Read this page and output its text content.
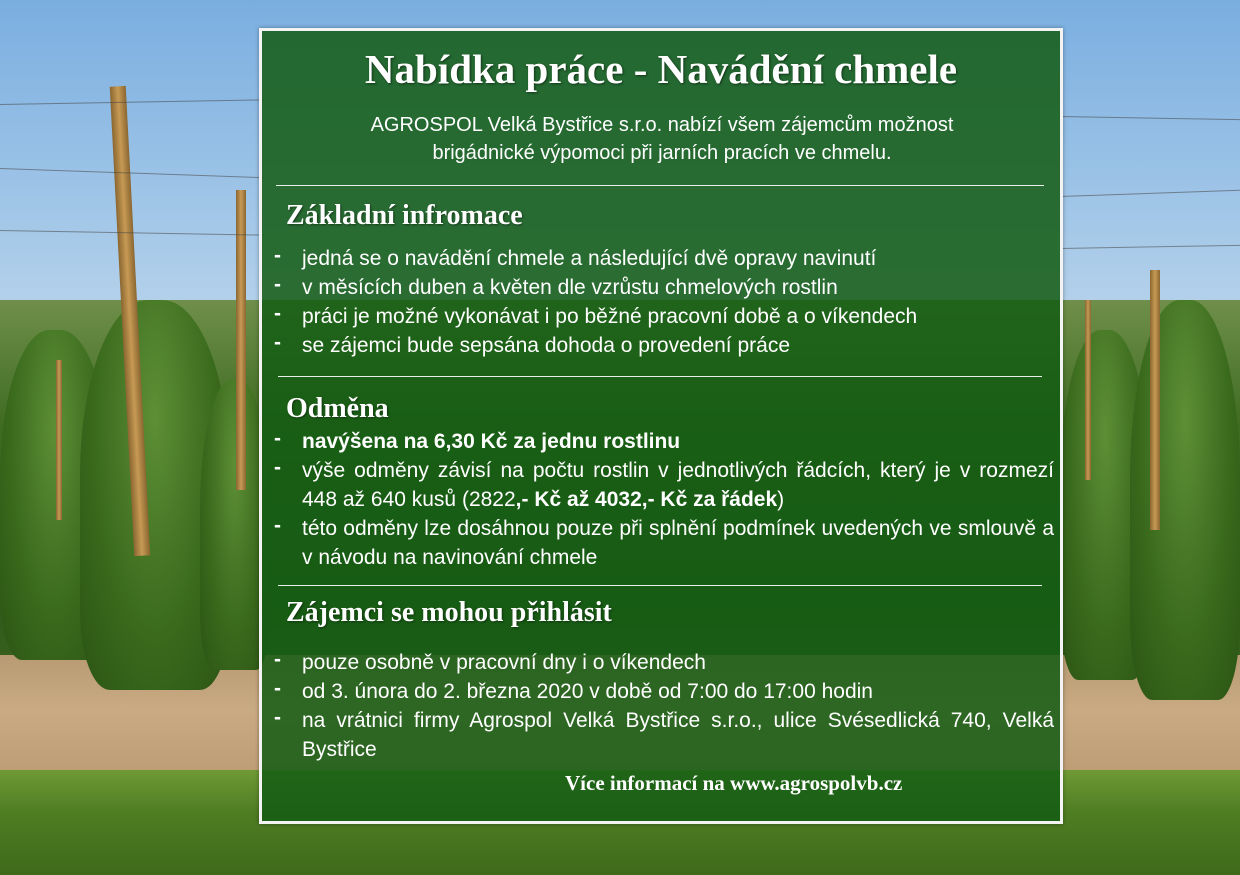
Nabídka práce - Navádění chmele
AGROSPOL Velká Bystřice s.r.o. nabízí všem zájemcům možnost
brigádnické výpomoci při jarních pracích ve chmelu.
Základní infromace
- jedná se o navádění chmele a následující dvě opravy navinutí
- v měsících duben a květen dle vzrůstu chmelových rostlin
- práci je možné vykonávat i po běžné pracovní době a o víkendech
- se zájemci bude sepsána dohoda o provedení práce
Odměna
- navýšena na 6,30 Kč za jednu rostlinu
- výše odměny závisí na počtu rostlin v jednotlivých řádcích, který je v rozmezí 448 až 640 kusů (2822,- Kč až 4032,- Kč za řádek)
- této odměny lze dosáhnou pouze při splnění podmínek uvedených ve smlouvě a v návodu na navinování chmele
Zájemci se mohou přihlásit
- pouze osobně v pracovní dny i o víkendech
- od 3. února do 2. března 2020 v době od 7:00 do 17:00 hodin
- na vrátnici firmy Agrospol Velká Bystřice s.r.o., ulice Svésedlická 740, Velká Bystřice
Více informací na www.agrospolvb.cz
